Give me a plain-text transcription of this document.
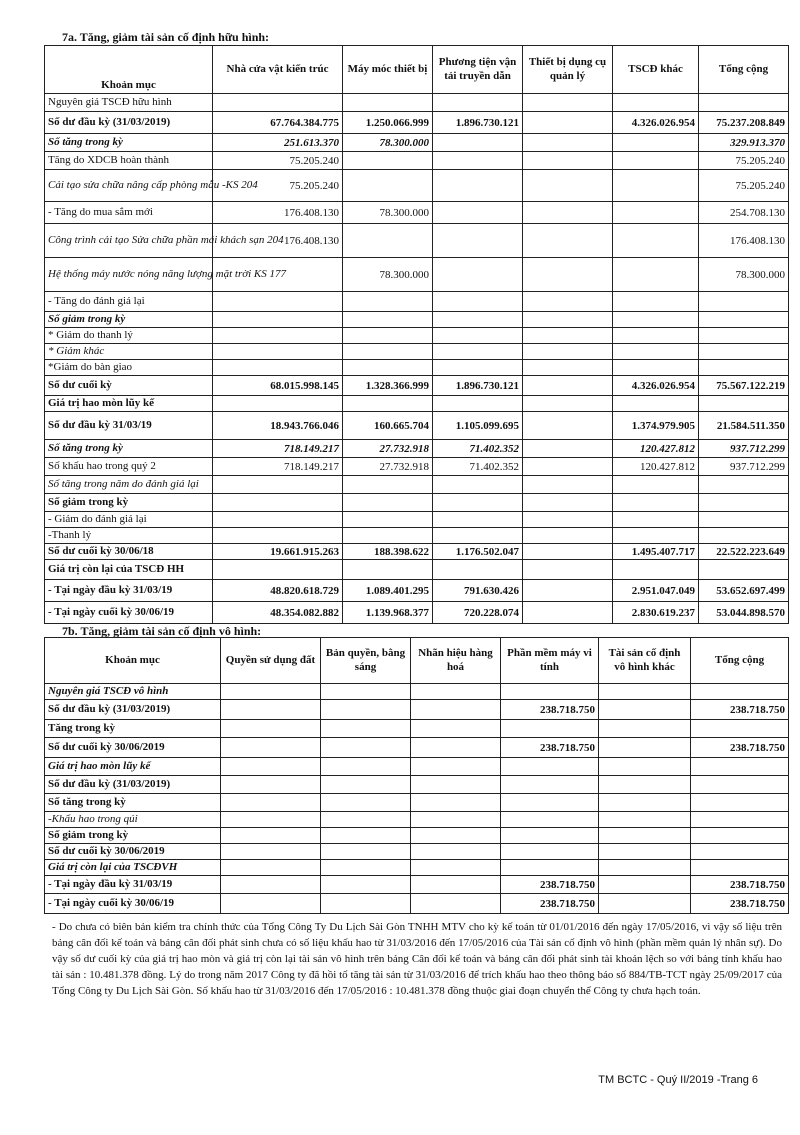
7a. Tăng, giảm tài sản cố định hữu hình:
Khoản mục	Nhà cửa vật kiến trúc	Máy móc thiết bị	Phương tiện vận tải truyền dẫn	Thiết bị dụng cụ quản lý	TSCĐ khác	Tổng cộng
Nguyên giá TSCĐ hữu hình						
Số dư đầu kỳ (31/03/2019)	67.764.384.775	1.250.066.999	1.896.730.121		4.326.026.954	75.237.208.849
Số tăng trong kỳ	251.613.370	78.300.000				329.913.370
Tăng do XDCB hoàn thành	75.205.240					75.205.240
Cải tạo sửa chữa nâng cấp phòng mẫu -KS 204	75.205.240					75.205.240
- Tăng do mua sắm mới	176.408.130	78.300.000				254.708.130
Công trình cải tạo Sửa chữa phần mái khách sạn 204	176.408.130					176.408.130
Hệ thống máy nước nóng năng lượng mặt trời KS 177		78.300.000				78.300.000
- Tăng do đánh giá lại						
Số giảm trong kỳ						
* Giảm do thanh lý						
* Giảm khác						
*Giảm do bàn giao						
Số dư cuối kỳ	68.015.998.145	1.328.366.999	1.896.730.121		4.326.026.954	75.567.122.219
Giá trị hao mòn lũy kế						
Số dư đầu kỳ 31/03/19	18.943.766.046	160.665.704	1.105.099.695		1.374.979.905	21.584.511.350
Số tăng trong kỳ	718.149.217	27.732.918	71.402.352		120.427.812	937.712.299
Số khấu hao trong quý 2	718.149.217	27.732.918	71.402.352		120.427.812	937.712.299
Số tăng trong năm do đánh giá lại						
Số giảm trong kỳ						
- Giảm do đánh giá lại						
-Thanh lý						
Số dư cuối kỳ 30/06/18	19.661.915.263	188.398.622	1.176.502.047		1.495.407.717	22.522.223.649
Giá trị còn lại của TSCĐ HH						
- Tại ngày đầu kỳ 31/03/19	48.820.618.729	1.089.401.295	791.630.426		2.951.047.049	53.652.697.499
- Tại ngày cuối kỳ 30/06/19	48.354.082.882	1.139.968.377	720.228.074		2.830.619.237	53.044.898.570
7b. Tăng, giảm tài sản cố định vô hình:
Khoản mục	Quyền sử dụng đất	Bản quyền, bằng sáng	Nhãn hiệu hàng hoá	Phần mềm máy vi tính	Tài sản cố định vô hình khác	Tổng cộng
Nguyên giá TSCĐ vô hình						
Số dư đầu kỳ (31/03/2019)				238.718.750		238.718.750
Tăng trong kỳ						
Số dư cuối kỳ 30/06/2019				238.718.750		238.718.750
Giá trị hao mòn lũy kế						
Số dư đầu kỳ (31/03/2019)						
Số tăng trong kỳ						
-Khấu hao trong qúi						
Số giảm trong kỳ						
Số dư cuối kỳ 30/06/2019						
Giá trị còn lại của TSCĐVH						
- Tại ngày đầu kỳ 31/03/19				238.718.750		238.718.750
- Tại ngày cuối kỳ 30/06/19				238.718.750		238.718.750
- Do chưa có biên bản kiểm tra chính thức của Tổng Công Ty Du Lịch Sài Gòn TNHH MTV cho kỳ kế toán từ 01/01/2016 đến ngày 17/05/2016, vì vậy số liệu trên bảng cân đối kế toán và bảng cân đối phát sinh chưa có số liệu khấu hao từ 31/03/2016 đến 17/05/2016 của Tài sản cố định vô hình (phần mềm quản lý nhân sự). Do vậy số dư cuối kỳ của giá trị hao mòn và giá trị còn lại tài sản vô hình trên bảng Cân đối kế toán và bảng cân đối phát sinh tài khoản lệch so với bảng tính khấu hao tài sản : 10.481.378 đồng. Lý do trong năm 2017 Công ty đã hồi tố tăng tài sản từ 31/03/2016 để trích khấu hao theo thông báo số 884/TB-TCT ngày 25/09/2017 của Tổng Công ty Du Lịch Sài Gòn. Số khấu hao từ 31/03/2016 đến 17/05/2016 : 10.481.378 đồng thuộc giai đoạn chuyển thể Công ty chưa hạch toán.
TM BCTC - Quý II/2019 -Trang 6
